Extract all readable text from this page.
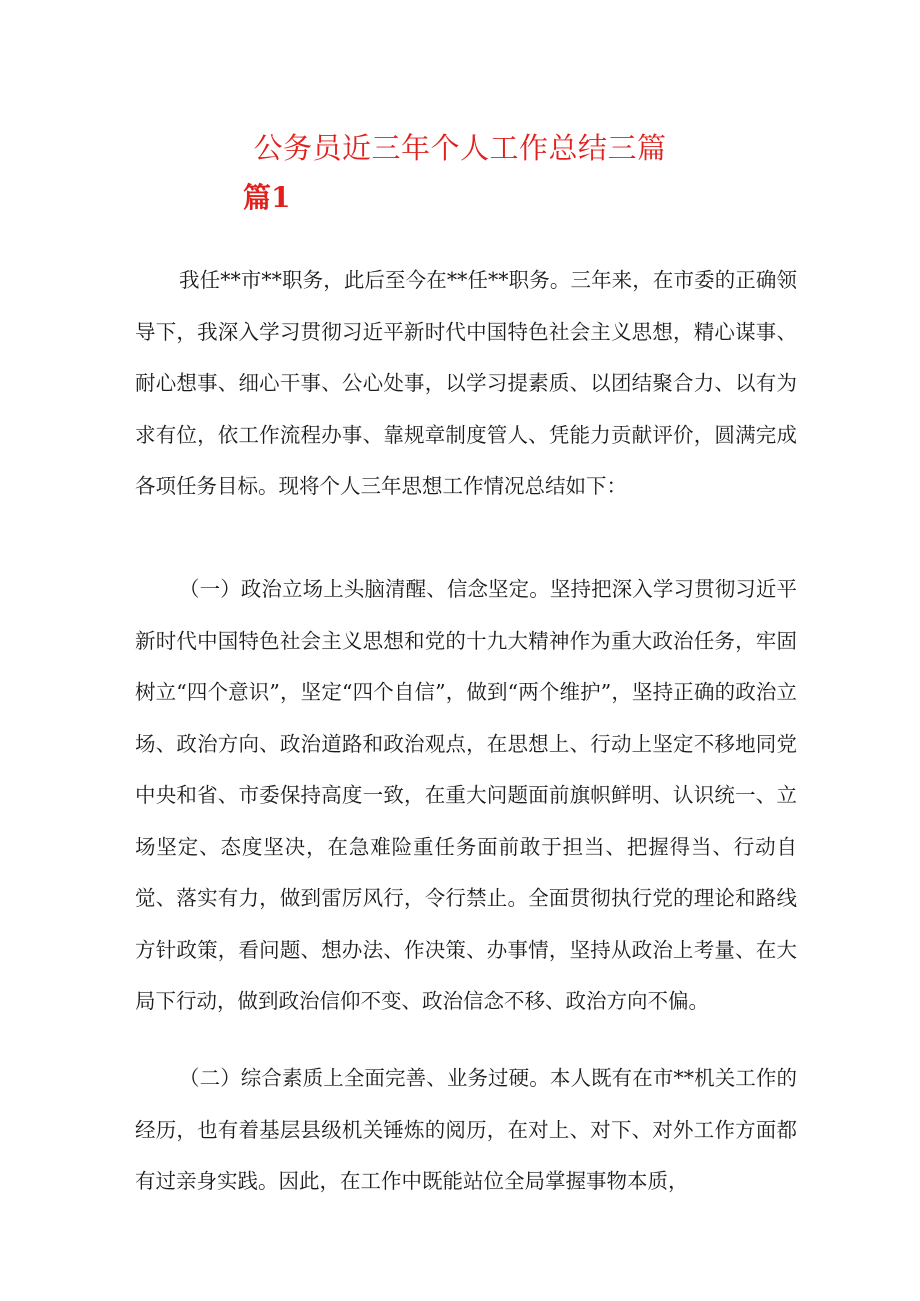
公务员近三年个人工作总结三篇
篇1

我任**市**职务，此后至今在**任**职务。三年来，在市委的正确领导下，我深入学习贯彻习近平新时代中国特色社会主义思想，精心谋事、耐心想事、细心干事、公心处事，以学习提素质、以团结聚合力、以有为求有位，依工作流程办事、靠规章制度管人、凭能力贡献评价，圆满完成各项任务目标。现将个人三年思想工作情况总结如下：

（一）政治立场上头脑清醒、信念坚定。坚持把深入学习贯彻习近平新时代中国特色社会主义思想和党的十九大精神作为重大政治任务，牢固树立“四个意识”，坚定“四个自信”，做到“两个维护”，坚持正确的政治立场、政治方向、政治道路和政治观点，在思想上、行动上坚定不移地同党中央和省、市委保持高度一致，在重大问题面前旗帜鲜明、认识统一、立场坚定、态度坚决，在急难险重任务面前敢于担当、把握得当、行动自觉、落实有力，做到雷厉风行，令行禁止。全面贯彻执行党的理论和路线方针政策，看问题、想办法、作决策、办事情，坚持从政治上考量、在大局下行动，做到政治信仰不变、政治信念不移、政治方向不偏。

（二）综合素质上全面完善、业务过硬。本人既有在市**机关工作的经历，也有着基层县级机关锤炼的阅历，在对上、对下、对外工作方面都有过亲身实践。因此，在工作中既能站位全局掌握事物本质，
